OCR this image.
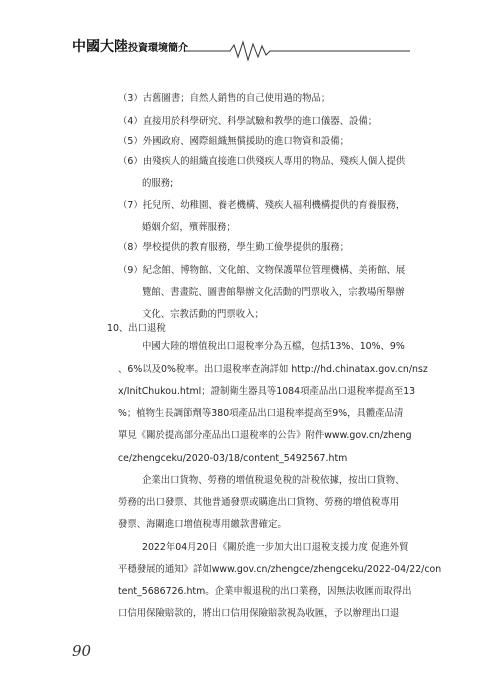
中國大陸投資環境簡介
（3）古舊圖書；自然人銷售的自己使用過的物品；
（4）直接用於科學研究、科學試驗和教學的進口儀器、設備；
（5）外國政府、國際組織無償援助的進口物資和設備；
（6）由殘疾人的組織直接進口供殘疾人專用的物品、殘疾人個人提供
的服務;
（7）托兒所、幼稚園、養老機構、殘疾人福利機構提供的育養服務，
婚姻介紹，殯葬服務；
（8）學校提供的教育服務，學生勤工儉學提供的服務；
（9）紀念館、博物館、文化館、文物保護單位管理機構、美術館、展
覽館、書畫院、圖書館舉辦文化活動的門票收入，宗教場所舉辦
文化、宗教活動的門票收入；
10、出口退稅
中國大陸的增值稅出口退稅率分為五檔，包括13%、10%、9%
、6%以及0%稅率。出口退稅率查詢詳如 http://hd.chinatax.gov.cn/nsz
x/InitChukou.html；證制衛生器具等1084項產品出口退稅率提高至13
%；植物生長調節劑等380項產品出口退稅率提高至9%，具體產品清
單見《關於提高部分產品出口退稅率的公告》附件www.gov.cn/zheng
ce/zhengceku/2020-03/18/content_5492567.htm
企業出口貨物、勞務的增值稅退免稅的計稅依據，按出口貨物、
勞務的出口發票、其他普通發票或購進出口貨物、勞務的增值稅專用
發票、海關進口增值稅專用繳款書確定。
2022年04月20日《關於進一步加大出口退稅支援力度 促進外貿
平穩發展的通知》詳如www.gov.cn/zhengce/zhengceku/2022-04/22/con
tent_5686726.htm。企業申報退稅的出口業務，因無法收匯而取得出
口信用保險賠款的，將出口信用保險賠款視為收匯，予以辦理出口退
90
